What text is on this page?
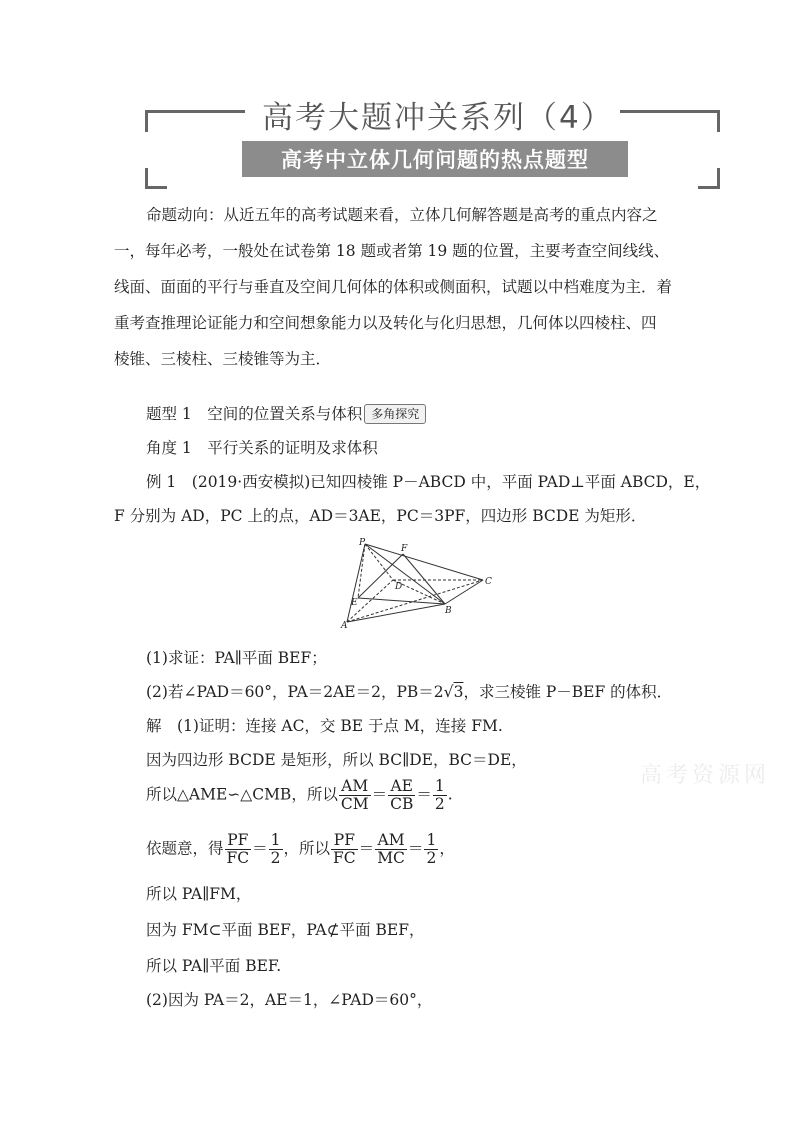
高考大题冲关系列（4）
高考中立体几何问题的热点题型
命题动向：从近五年的高考试题来看，立体几何解答题是高考的重点内容之
一，每年必考，一般处在试卷第 18 题或者第 19 题的位置，主要考查空间线线、
线面、面面的平行与垂直及空间几何体的体积或侧面积，试题以中档难度为主．着
重考查推理论证能力和空间想象能力以及转化与化归思想，几何体以四棱柱、四
棱锥、三棱柱、三棱锥等为主．
题型 1　空间的位置关系与体积 多角探究
角度 1　平行关系的证明及求体积
例 1　(2019·西安模拟)已知四棱锥 P－ABCD 中，平面 PAD⊥平面 ABCD，E，
F 分别为 AD，PC 上的点，AD＝3AE，PC＝3PF，四边形 BCDE 为矩形．
P
F
C
D
E
B
A
(1)求证：PA∥平面 BEF；
(2)若∠PAD＝60°，PA＝2AE＝2，PB＝2√3，求三棱锥 P－BEF 的体积．
解　(1)证明：连接 AC，交 BE 于点 M，连接 FM.
因为四边形 BCDE 是矩形，所以 BC∥DE，BC＝DE，
所以△AME∽△CMB，所以 $\frac{AM}{CM} = \frac{AE}{CB} = \frac{1}{2}$ .
依题意，得 $\frac{PF}{FC} = \frac{1}{2}$ ，所以 $\frac{PF}{FC} = \frac{AM}{MC} = \frac{1}{2}$ ，
所以 PA∥FM，
因为 FM⊂平面 BEF，PA⊄平面 BEF，
所以 PA∥平面 BEF.
(2)因为 PA＝2，AE＝1，∠PAD＝60°，
高考资源网
